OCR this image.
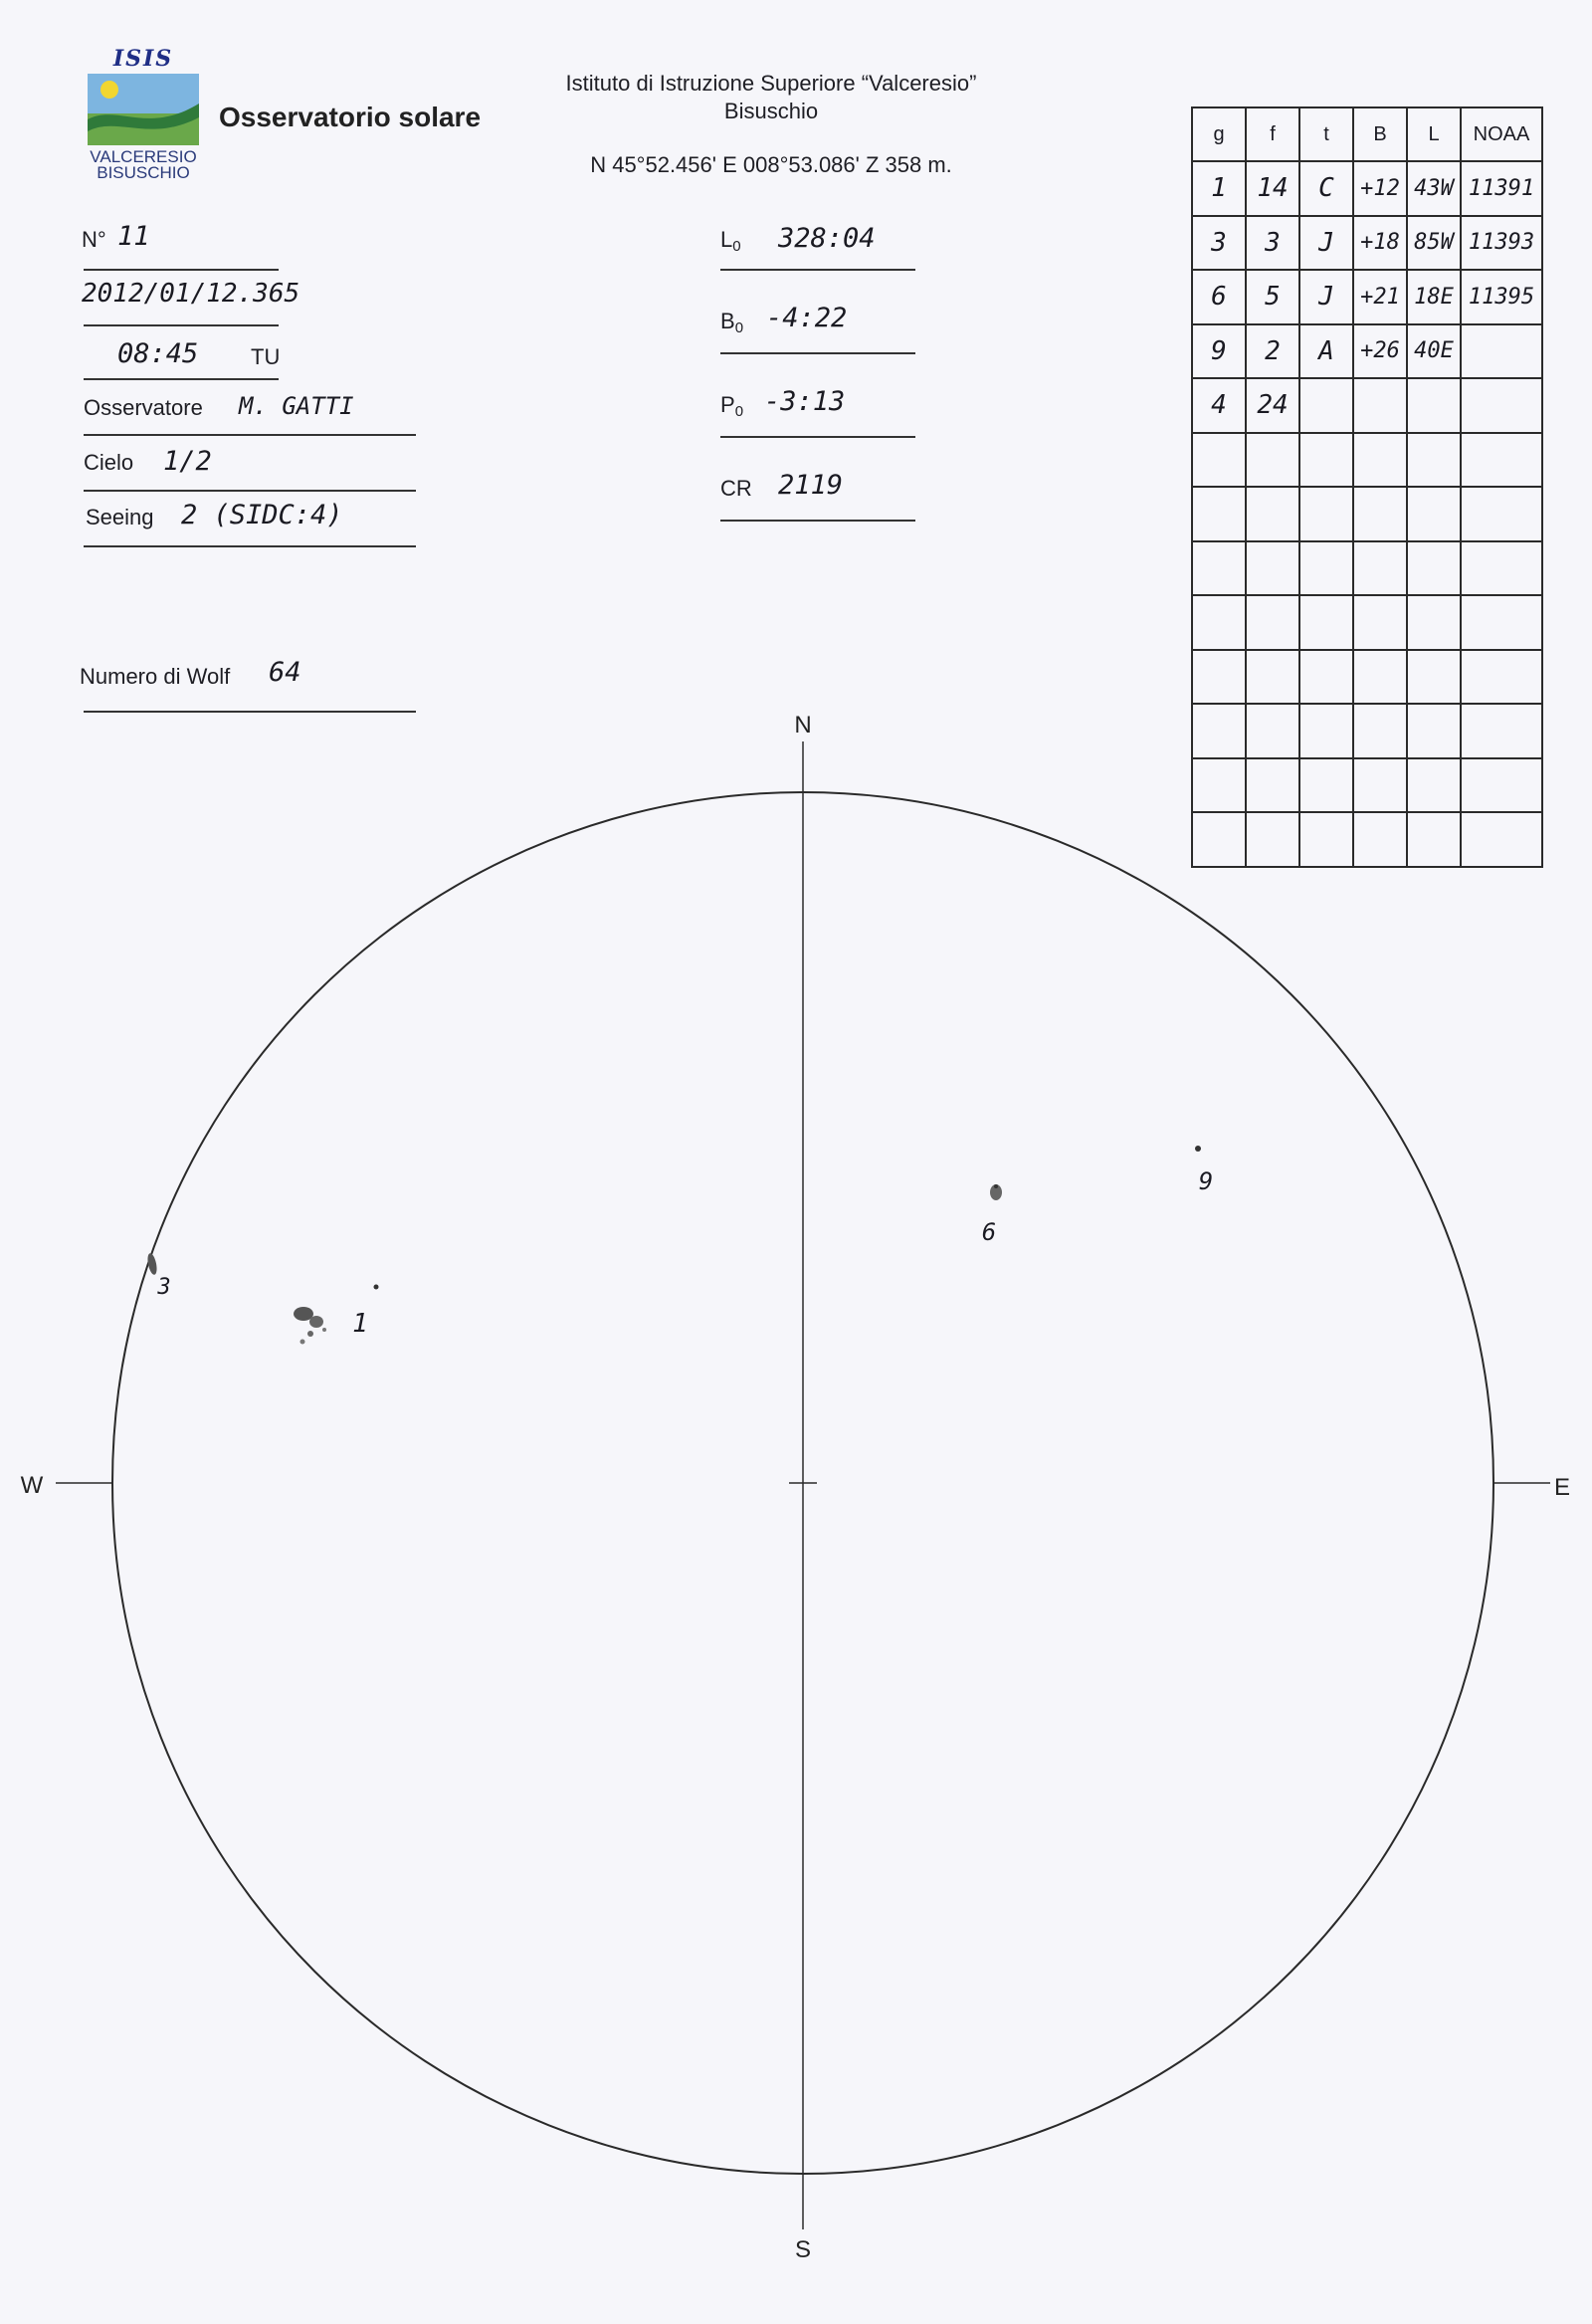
ISIS
VALCERESIO
BISUSCHIO
Osservatorio solare
Istituto di Istruzione Superiore “Valceresio”
Bisuschio
N 45°52.456' E 008°53.086' Z 358 m.
N° 11
2012/01/12.365
08:45 TU
Osservatore M. GATTI
Cielo 1/2
Seeing 2 (SIDC:4)
Numero di Wolf 64
$L_0$ 328:04
$B_0$ -4:22
$P_0$ -3:13
CR 2119
g	f	t	B	L	NOAA
1	14	C	+12	43W	11391
3	3	J	+18	85W	11393
6	5	J	+21	18E	11395
9	2	A	+26	40E	
4	24				

N
S
W	E
1
3
6
9
